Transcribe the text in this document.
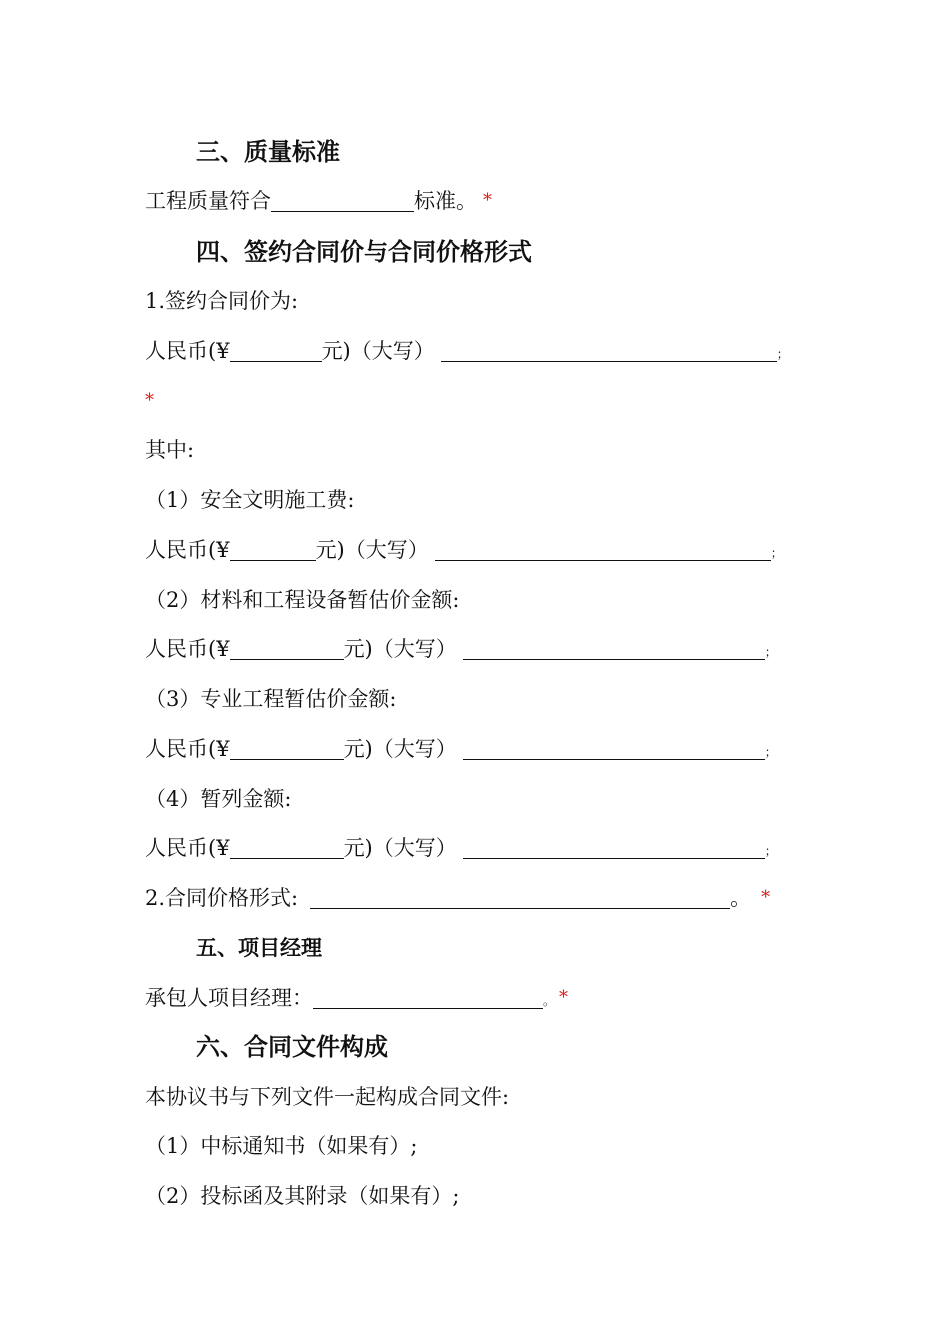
三、质量标准
工程质量符合	标准。 *
四、签约合同价与合同价格形式
1.签约合同价为:
人民币(¥	元)（大写）	；
*
其中:
（1）安全文明施工费:
人民币(¥	元)（大写）	；
（2）材料和工程设备暂估价金额:
人民币(¥	元)（大写）	；
（3）专业工程暂估价金额:
人民币(¥	元)（大写）	；
（4）暂列金额:
人民币(¥	元)（大写）	；
2.合同价格形式:	。 *
五、项目经理
承包人项目经理：	。 *
六、合同文件构成
本协议书与下列文件一起构成合同文件:
（1）中标通知书（如果有）;
（2）投标函及其附录（如果有）;
